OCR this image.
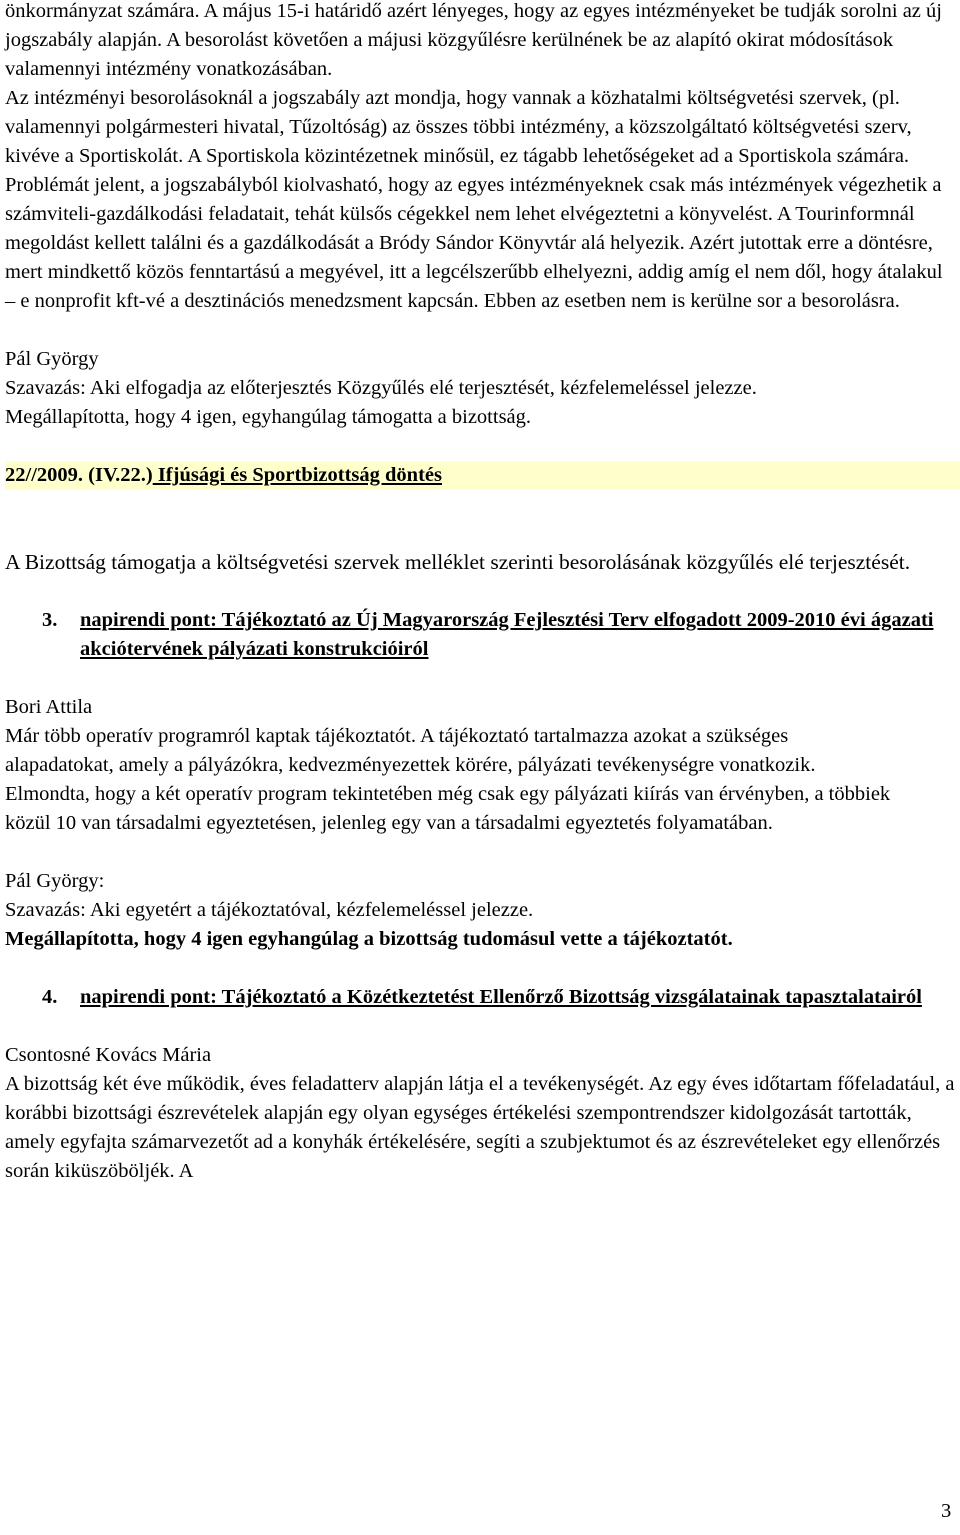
önkormányzat számára. A május 15-i határidő azért lényeges, hogy az egyes intézményeket be tudják sorolni az új jogszabály alapján. A besorolást követően a májusi közgyűlésre kerülnének be az alapító okirat módosítások valamennyi intézmény vonatkozásában.

Az intézményi besorolásoknál a jogszabály azt mondja, hogy vannak a közhatalmi költségvetési szervek, (pl. valamennyi polgármesteri hivatal, Tűzoltóság) az összes többi intézmény, a közszolgáltató költségvetési szerv, kivéve a Sportiskolát. A Sportiskola közintézetnek minősül, ez tágabb lehetőségeket ad a Sportiskola számára.

Problémát jelent, a jogszabályból kiolvasható, hogy az egyes intézményeknek csak más intézmények végezhetik a számviteli-gazdálkodási feladatait, tehát külsős cégekkel nem lehet elvégeztetni a könyvelést. A Tourinformnál megoldást kellett találni és a gazdálkodását a Bródy Sándor Könyvtár alá helyezik. Azért jutottak erre a döntésre, mert mindkettő közös fenntartású a megyével, itt a legcélszerűbb elhelyezni, addig amíg el nem dől, hogy átalakul – e nonprofit kft-vé a desztinációs menedzsment kapcsán. Ebben az esetben nem is kerülne sor a besorolásra.

Pál György

Szavazás: Aki elfogadja az előterjesztés Közgyűlés elé terjesztését, kézfelemeléssel jelezze.

Megállapította, hogy 4 igen, egyhangúlag támogatta a bizottság.

22//2009. (IV.22.) Ifjúsági és Sportbizottság döntés

A Bizottság támogatja a költségvetési szervek melléklet szerinti besorolásának közgyűlés elé terjesztését.

3. napirendi pont: Tájékoztató az Új Magyarország Fejlesztési Terv elfogadott 2009-2010 évi ágazati akciótervének pályázati konstrukcióiról

Bori Attila

Már több operatív programról kaptak tájékoztatót. A tájékoztató tartalmazza azokat a szükséges alapadatokat, amely a pályázókra, kedvezményezettek körére, pályázati tevékenységre vonatkozik.

Elmondta, hogy a két operatív program tekintetében még csak egy pályázati kiírás van érvényben, a többiek közül 10 van társadalmi egyeztetésen, jelenleg egy van a társadalmi egyeztetés folyamatában.

Pál György:

Szavazás: Aki egyetért a tájékoztatóval, kézfelemeléssel jelezze.

Megállapította, hogy 4 igen egyhangúlag a bizottság tudomásul vette a tájékoztatót.

4. napirendi pont: Tájékoztató a Közétkeztetést Ellenőrző Bizottság vizsgálatainak tapasztalatairól

Csontosné Kovács Mária

A bizottság két éve működik, éves feladatterv alapján látja el a tevékenységét. Az egy éves időtartam főfeladatául, a korábbi bizottsági észrevételek alapján egy olyan egységes értékelési szempontrendszer kidolgozását tartották, amely egyfajta számarvezetőt ad a konyhák értékelésére, segíti a szubjektumot és az észrevételeket egy ellenőrzés során kiküszöböljék. A

3
